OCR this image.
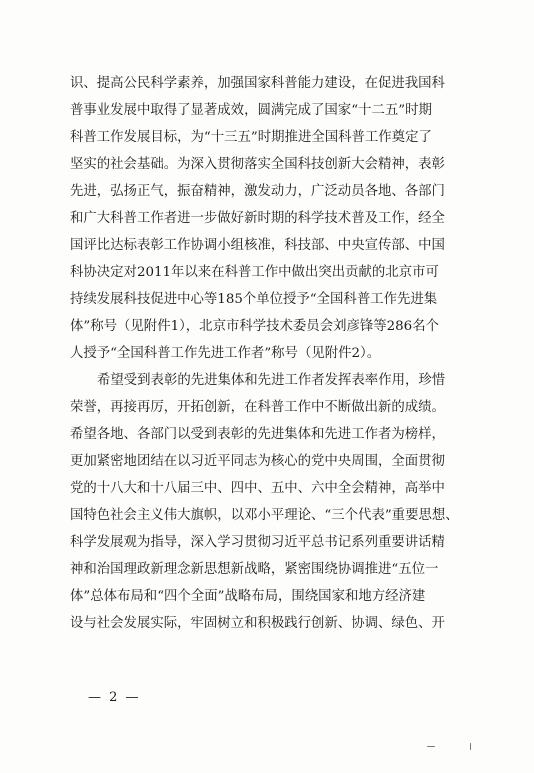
识、提高公民科学素养，加强国家科普能力建设，在促进我国科
普事业发展中取得了显著成效，圆满完成了国家“十二五”时期
科普工作发展目标，为“十三五”时期推进全国科普工作奠定了
坚实的社会基础。为深入贯彻落实全国科技创新大会精神，表彰
先进，弘扬正气，振奋精神，激发动力，广泛动员各地、各部门
和广大科普工作者进一步做好新时期的科学技术普及工作，经全
国评比达标表彰工作协调小组核准，科技部、中央宣传部、中国
科协决定对2011年以来在科普工作中做出突出贡献的北京市可
持续发展科技促进中心等185个单位授予“全国科普工作先进集
体”称号（见附件1），北京市科学技术委员会刘彦锋等286名个
人授予“全国科普工作先进工作者”称号（见附件2）。
希望受到表彰的先进集体和先进工作者发挥表率作用，珍惜
荣誉，再接再厉，开拓创新，在科普工作中不断做出新的成绩。
希望各地、各部门以受到表彰的先进集体和先进工作者为榜样，
更加紧密地团结在以习近平同志为核心的党中央周围，全面贯彻
党的十八大和十八届三中、四中、五中、六中全会精神，高举中
国特色社会主义伟大旗帜，以邓小平理论、“三个代表”重要思想、
科学发展观为指导，深入学习贯彻习近平总书记系列重要讲话精
神和治国理政新理念新思想新战略，紧密围绕协调推进“五位一
体”总体布局和“四个全面”战略布局，围绕国家和地方经济建
设与社会发展实际，牢固树立和积极践行创新、协调、绿色、开
— 2 —
